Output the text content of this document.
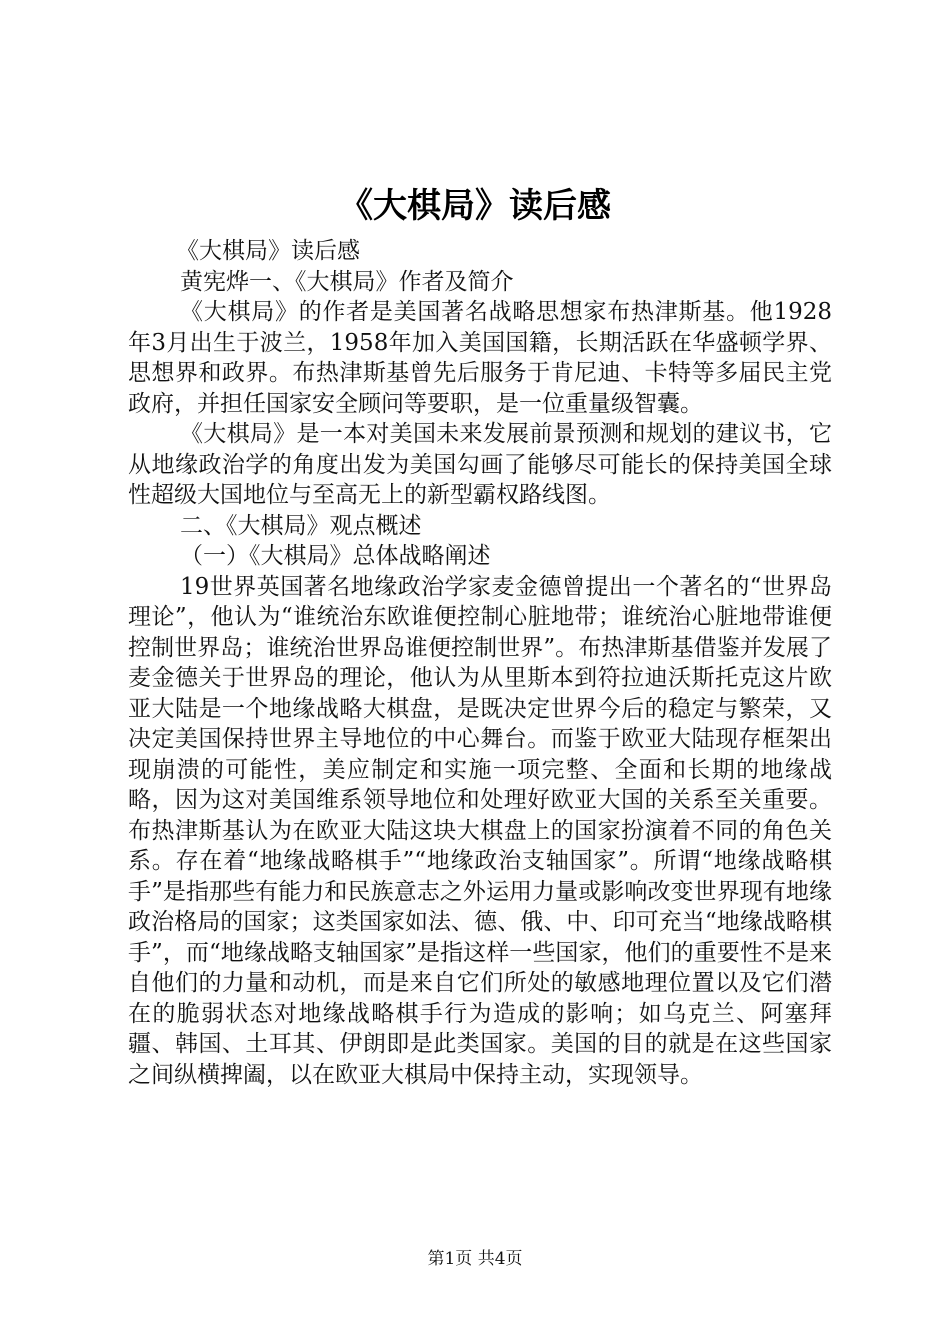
《大棋局》读后感

《大棋局》读后感

黄宪烨一、《大棋局》作者及简介

《大棋局》的作者是美国著名战略思想家布热津斯基。他1928年3月出生于波兰，1958年加入美国国籍，长期活跃在华盛顿学界、思想界和政界。布热津斯基曾先后服务于肯尼迪、卡特等多届民主党政府，并担任国家安全顾问等要职，是一位重量级智囊。

《大棋局》是一本对美国未来发展前景预测和规划的建议书，它从地缘政治学的角度出发为美国勾画了能够尽可能长的保持美国全球性超级大国地位与至高无上的新型霸权路线图。

二、《大棋局》观点概述

（一）《大棋局》总体战略阐述

19世界英国著名地缘政治学家麦金德曾提出一个著名的“世界岛理论”，他认为“谁统治东欧谁便控制心脏地带；谁统治心脏地带谁便控制世界岛；谁统治世界岛谁便控制世界”。布热津斯基借鉴并发展了麦金德关于世界岛的理论，他认为从里斯本到符拉迪沃斯托克这片欧亚大陆是一个地缘战略大棋盘，是既决定世界今后的稳定与繁荣，又决定美国保持世界主导地位的中心舞台。而鉴于欧亚大陆现存框架出现崩溃的可能性，美应制定和实施一项完整、全面和长期的地缘战略，因为这对美国维系领导地位和处理好欧亚大国的关系至关重要。布热津斯基认为在欧亚大陆这块大棋盘上的国家扮演着不同的角色关系。存在着“地缘战略棋手”“地缘政治支轴国家”。所谓“地缘战略棋手”是指那些有能力和民族意志之外运用力量或影响改变世界现有地缘政治格局的国家；这类国家如法、德、俄、中、印可充当“地缘战略棋手”，而“地缘战略支轴国家”是指这样一些国家，他们的重要性不是来自他们的力量和动机，而是来自它们所处的敏感地理位置以及它们潜在的脆弱状态对地缘战略棋手行为造成的影响；如乌克兰、阿塞拜疆、韩国、土耳其、伊朗即是此类国家。美国的目的就是在这些国家之间纵横捭阖，以在欧亚大棋局中保持主动，实现领导。

第1页 共4页
